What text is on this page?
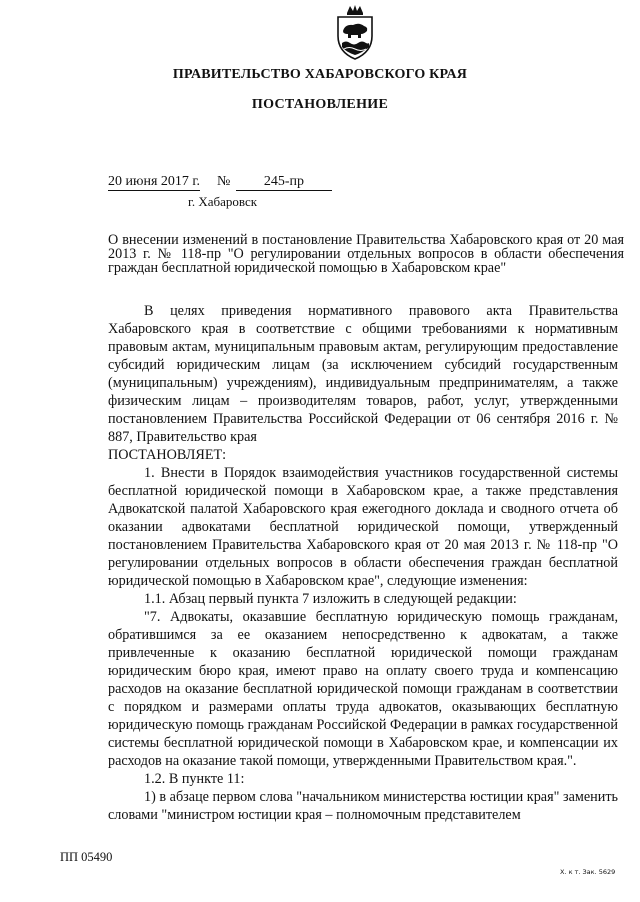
ПРАВИТЕЛЬСТВО ХАБАРОВСКОГО КРАЯ
ПОСТАНОВЛЕНИЕ
20 июня 2017 г. № 245-пр
г. Хабаровск
О внесении изменений в постановление Правительства Хабаровского края от 20 мая 2013 г. № 118-пр "О регулировании отдельных вопросов в области обеспечения граждан бесплатной юридической помощью в Хабаровском крае"

В целях приведения нормативного правового акта Правительства Хабаровского края в соответствие с общими требованиями к нормативным правовым актам, муниципальным правовым актам, регулирующим предоставление субсидий юридическим лицам (за исключением субсидий государственным (муниципальным) учреждениям), индивидуальным предпринимателям, а также физическим лицам – производителям товаров, работ, услуг, утвержденными постановлением Правительства Российской Федерации от 06 сентября 2016 г. № 887, Правительство края

ПОСТАНОВЛЯЕТ:

1. Внести в Порядок взаимодействия участников государственной системы бесплатной юридической помощи в Хабаровском крае, а также представления Адвокатской палатой Хабаровского края ежегодного доклада и сводного отчета об оказании адвокатами бесплатной юридической помощи, утвержденный постановлением Правительства Хабаровского края от 20 мая 2013 г. № 118-пр "О регулировании отдельных вопросов в области обеспечения граждан бесплатной юридической помощью в Хабаровском крае", следующие изменения:

1.1. Абзац первый пункта 7 изложить в следующей редакции:

"7. Адвокаты, оказавшие бесплатную юридическую помощь гражданам, обратившимся за ее оказанием непосредственно к адвокатам, а также привлеченные к оказанию бесплатной юридической помощи гражданам юридическим бюро края, имеют право на оплату своего труда и компенсацию расходов на оказание бесплатной юридической помощи гражданам в соответствии с порядком и размерами оплаты труда адвокатов, оказывающих бесплатную юридическую помощь гражданам Российской Федерации в рамках государственной системы бесплатной юридической помощи в Хабаровском крае, и компенсации их расходов на оказание такой помощи, утвержденными Правительством края.".

1.2. В пункте 11:

1) в абзаце первом слова "начальником министерства юстиции края" заменить словами "министром юстиции края – полномочным представителем

ПП 05490
Х. к т. Зак. 5629
